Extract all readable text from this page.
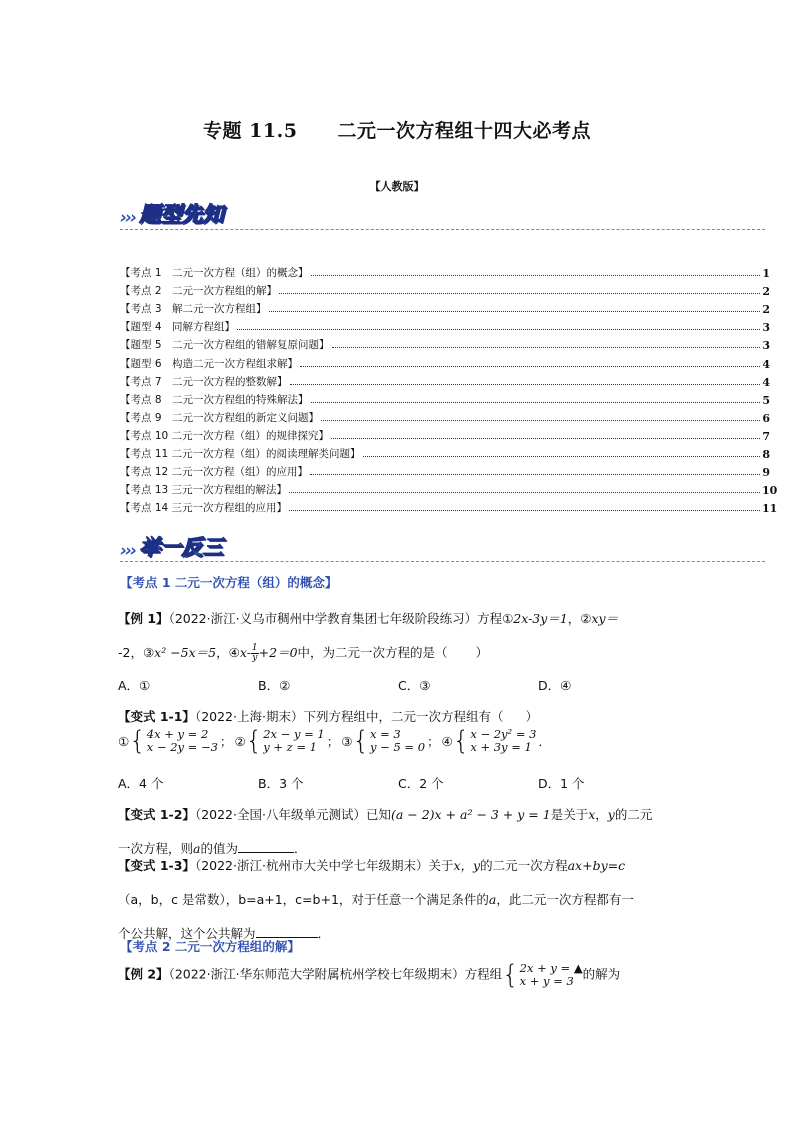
专题 11.5 二元一次方程组十四大必考点
【人教版】
››› 题型先知
【考点 1　二元一次方程（组）的概念】	1
【考点 2　二元一次方程组的解】	2
【考点 3　解二元一次方程组】	2
【题型 4　同解方程组】	3
【题型 5　二元一次方程组的错解复原问题】	3
【题型 6　构造二元一次方程组求解】	4
【考点 7　二元一次方程的整数解】	4
【考点 8　二元一次方程组的特殊解法】	5
【考点 9　二元一次方程组的新定义问题】	6
【考点 10 二元一次方程（组）的规律探究】	7
【考点 11 二元一次方程（组）的阅读理解类问题】	8
【考点 12 二元一次方程（组）的应用】	9
【考点 13 三元一次方程组的解法】	10
【考点 14 三元一次方程组的应用】	11
››› 举一反三
【考点 1 二元一次方程（组）的概念】
【例 1】（2022·浙江·义乌市稠州中学教育集团七年级阶段练习）方程①2x-3y＝1，②xy＝
-2，③x² −5x＝5，④x- $\frac{1}{y} +2=0$中，为二元一次方程的是（ ）
A．①	B．②	C．③	D．④
【变式 1-1】（2022·上海·期末）下列方程组中，二元一次方程组有（ ）
① { 4x + y = 2
x − 2y = −3 ； ② { 2x − y = 1
y + z = 1 ； ③ { x = 3
y − 5 = 0 ； ④ { x − 2y² = 3
x + 3y = 1 ．
A．4 个	B．3 个	C．2 个	D．1 个
【变式 1-2】（2022·全国·八年级单元测试）已知(a − 2)x + a² − 3 + y = 1是关于x，y的二元
一次方程，则a的值为	．
【变式 1-3】（2022·浙江·杭州市大关中学七年级期末）关于x，y的二元一次方程ax+by=c
（a，b，c 是常数），b=a+1，c=b+1，对于任意一个满足条件的a，此二元一次方程都有一
个公共解，这个公共解为	．
【考点 2 二元一次方程组的解】
【例 2】（2022·浙江·华东师范大学附属杭州学校七年级期末）方程组 { 2x + y = ▲
x + y = 3 的解为
